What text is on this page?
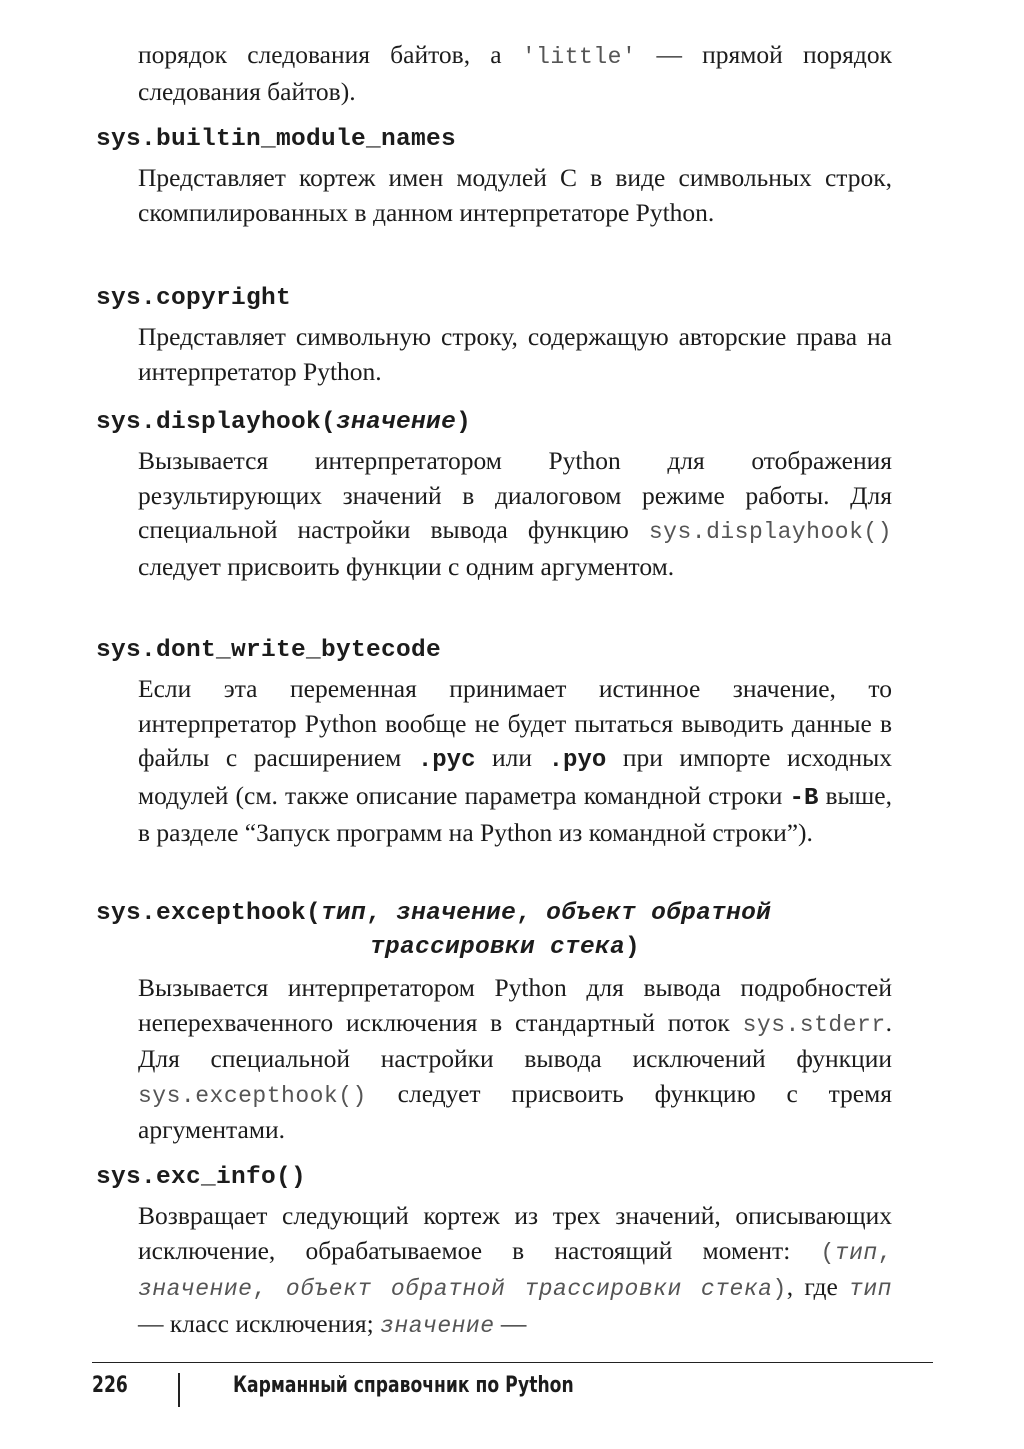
порядок следования байтов, а 'little' — прямой порядок следования байтов).

sys.builtin_module_names

Представляет кортеж имен модулей C в виде символьных строк, скомпилированных в данном интерпретаторе Python.

sys.copyright

Представляет символьную строку, содержащую авторские права на интерпретатор Python.

sys.displayhook(значение)

Вызывается интерпретатором Python для отображения результирующих значений в диалоговом режиме работы. Для специальной настройки вывода функцию sys.displayhook() следует присвоить функции с одним аргументом.

sys.dont_write_bytecode

Если эта переменная принимает истинное значение, то интерпретатор Python вообще не будет пытаться выводить данные в файлы с расширением .pyc или .pyo при импорте исходных модулей (см. также описание параметра командной строки -B выше, в разделе “Запуск программ на Python из командной строки”).

sys.excepthook(тип, значение, объект обратной
трассировки стека)

Вызывается интерпретатором Python для вывода подробностей неперехваченного исключения в стандартный поток sys.stderr. Для специальной настройки вывода исключений функции sys.excepthook() следует присвоить функцию с тремя аргументами.

sys.exc_info()

Возвращает следующий кортеж из трех значений, описывающих исключение, обрабатываемое в настоящий момент: (тип, значение, объект обратной трассировки стека), где тип — класс исключения; значение —

226	Карманный справочник по Python
